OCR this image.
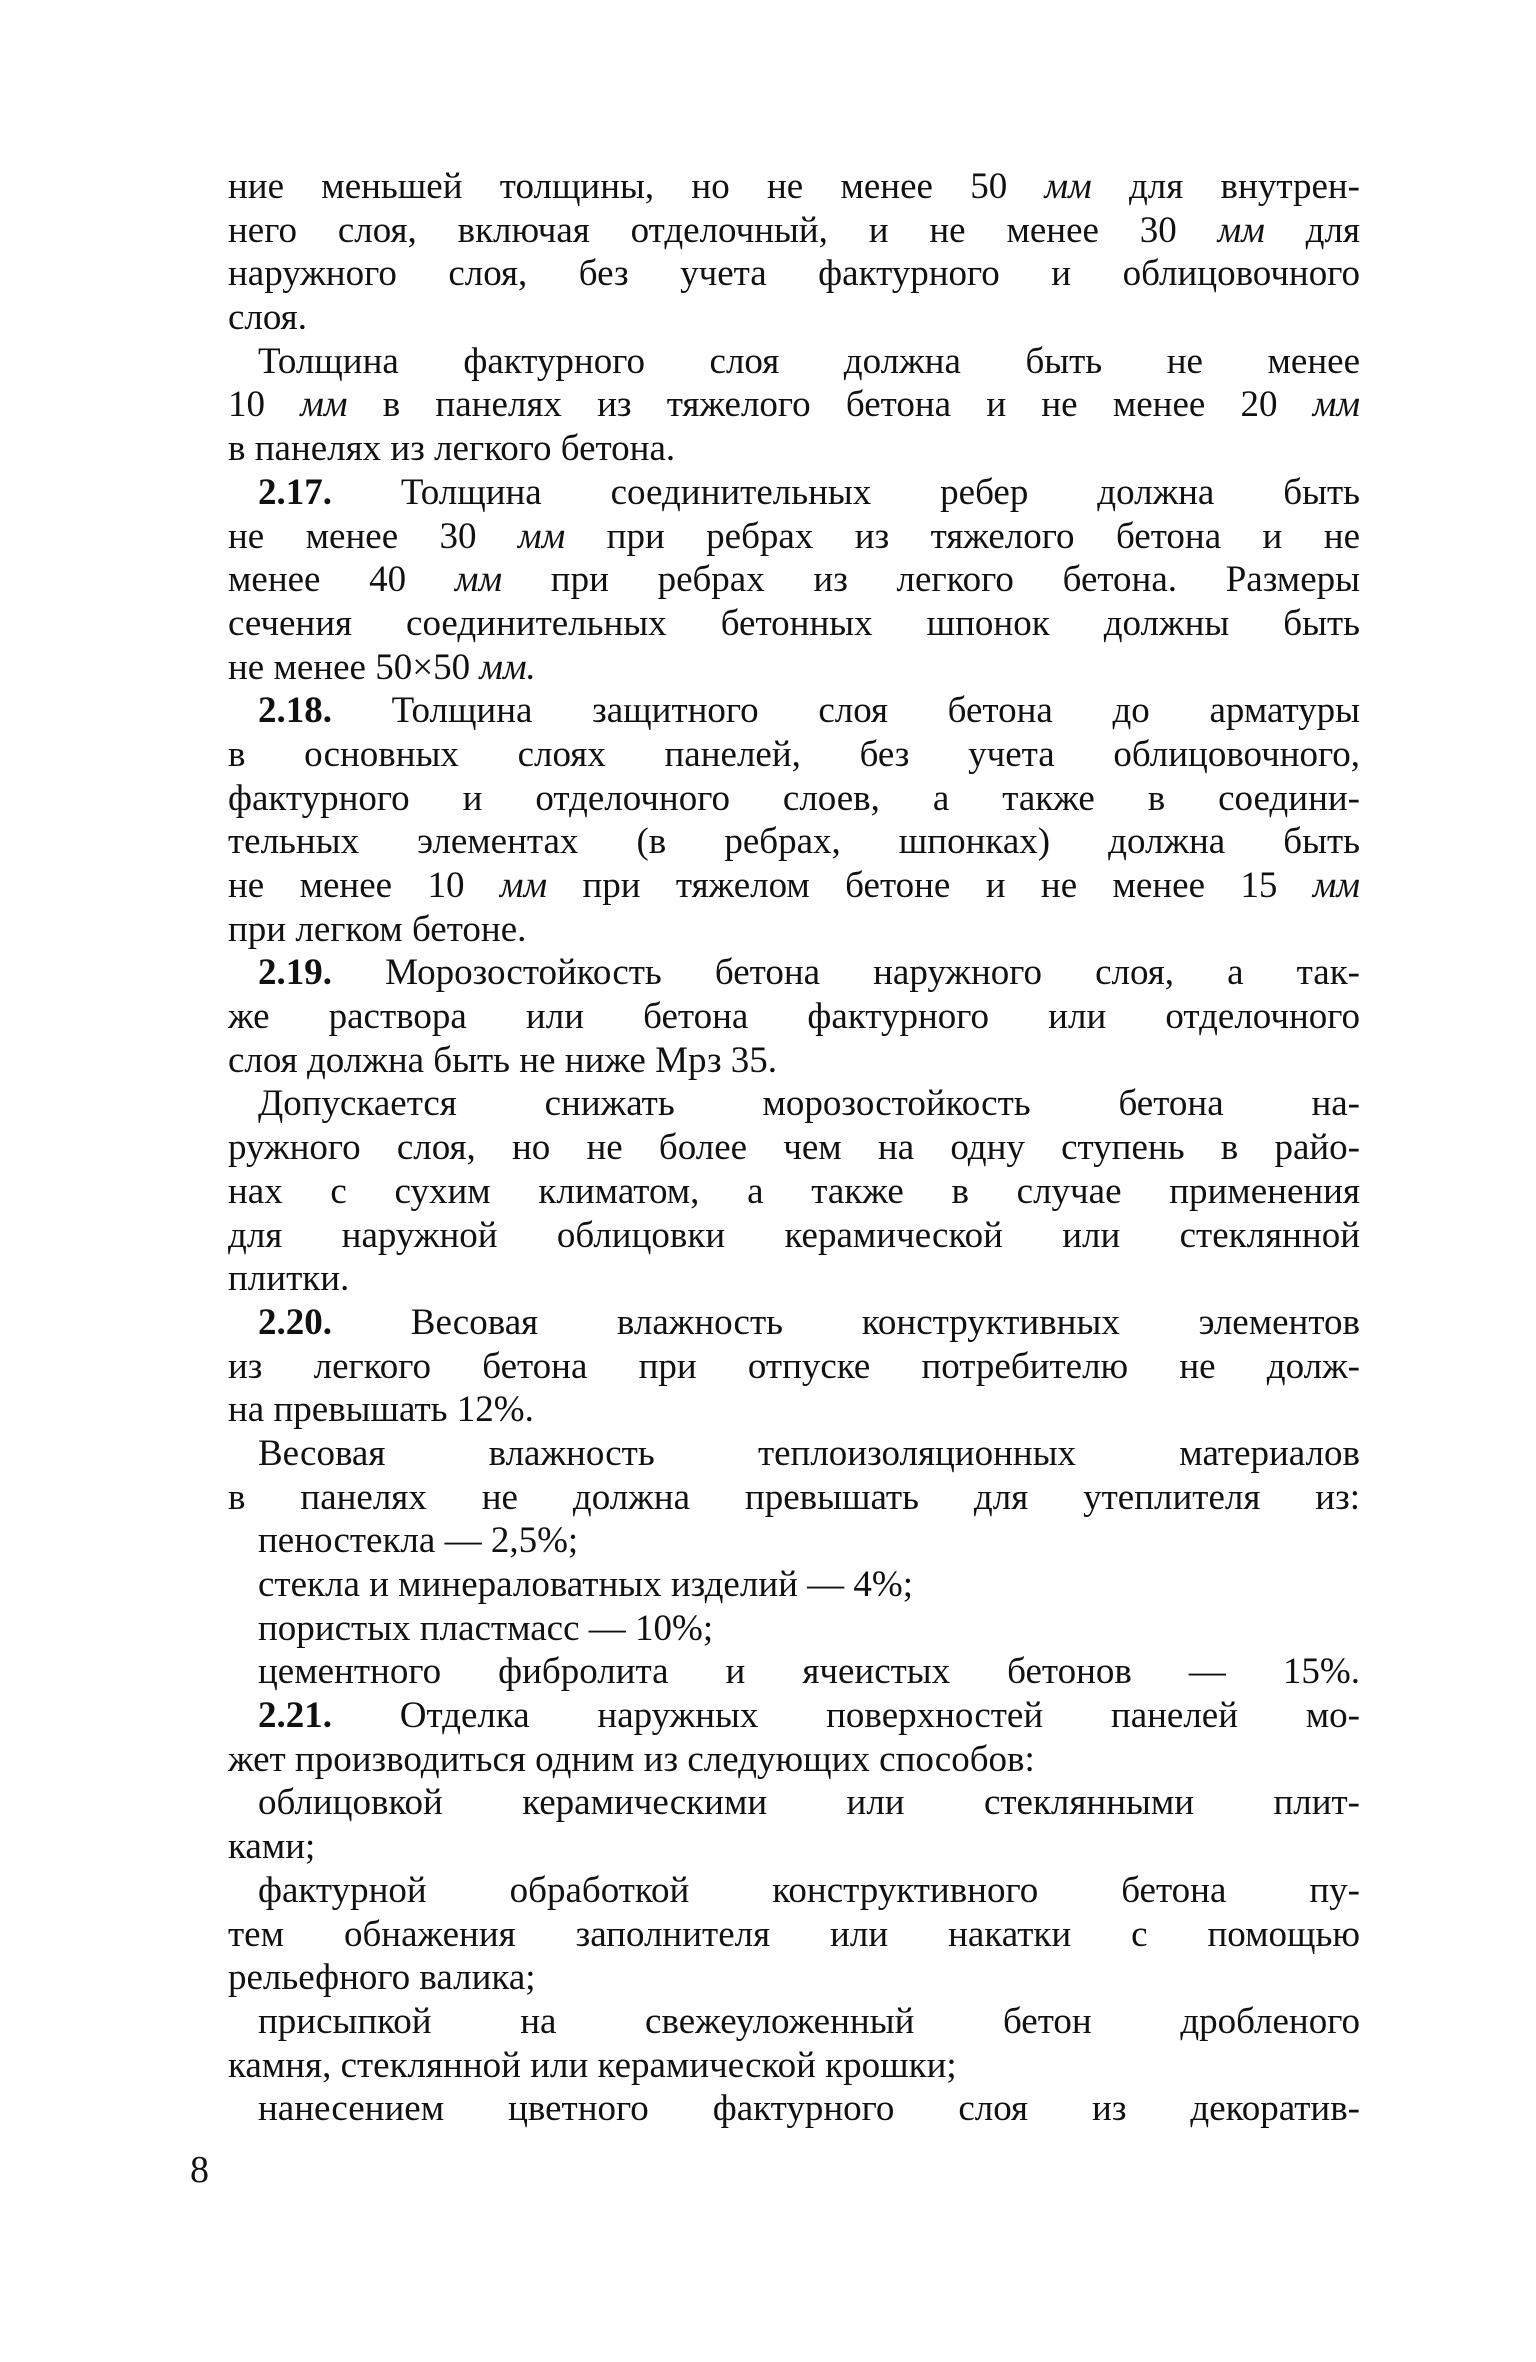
ние меньшей толщины, но не менее 50 мм для внутрен-
него слоя, включая отделочный, и не менее 30 мм для
наружного слоя, без учета фактурного и облицовочного
слоя.
Толщина фактурного слоя должна быть не менее
10 мм в панелях из тяжелого бетона и не менее 20 мм
в панелях из легкого бетона.
2.17. Толщина соединительных ребер должна быть
не менее 30 мм при ребрах из тяжелого бетона и не
менее 40 мм при ребрах из легкого бетона. Размеры
сечения соединительных бетонных шпонок должны быть
не менее 50×50 мм.
2.18. Толщина защитного слоя бетона до арматуры
в основных слоях панелей, без учета облицовочного,
фактурного и отделочного слоев, а также в соедини-
тельных элементах (в ребрах, шпонках) должна быть
не менее 10 мм при тяжелом бетоне и не менее 15 мм
при легком бетоне.
2.19. Морозостойкость бетона наружного слоя, а так-
же раствора или бетона фактурного или отделочного
слоя должна быть не ниже Мрз 35.
Допускается снижать морозостойкость бетона на-
ружного слоя, но не более чем на одну ступень в райо-
нах с сухим климатом, а также в случае применения
для наружной облицовки керамической или стеклянной
плитки.
2.20. Весовая влажность конструктивных элементов
из легкого бетона при отпуске потребителю не долж-
на превышать 12%.
Весовая влажность теплоизоляционных материалов
в панелях не должна превышать для утеплителя из:
пеностекла — 2,5%;
стекла и минераловатных изделий — 4%;
пористых пластмасс — 10%;
цементного фибролита и ячеистых бетонов — 15%.
2.21. Отделка наружных поверхностей панелей мо-
жет производиться одним из следующих способов:
облицовкой керамическими или стеклянными плит-
ками;
фактурной обработкой конструктивного бетона пу-
тем обнажения заполнителя или накатки с помощью
рельефного валика;
присыпкой на свежеуложенный бетон дробленого
камня, стеклянной или керамической крошки;
нанесением цветного фактурного слоя из декоратив-
8
